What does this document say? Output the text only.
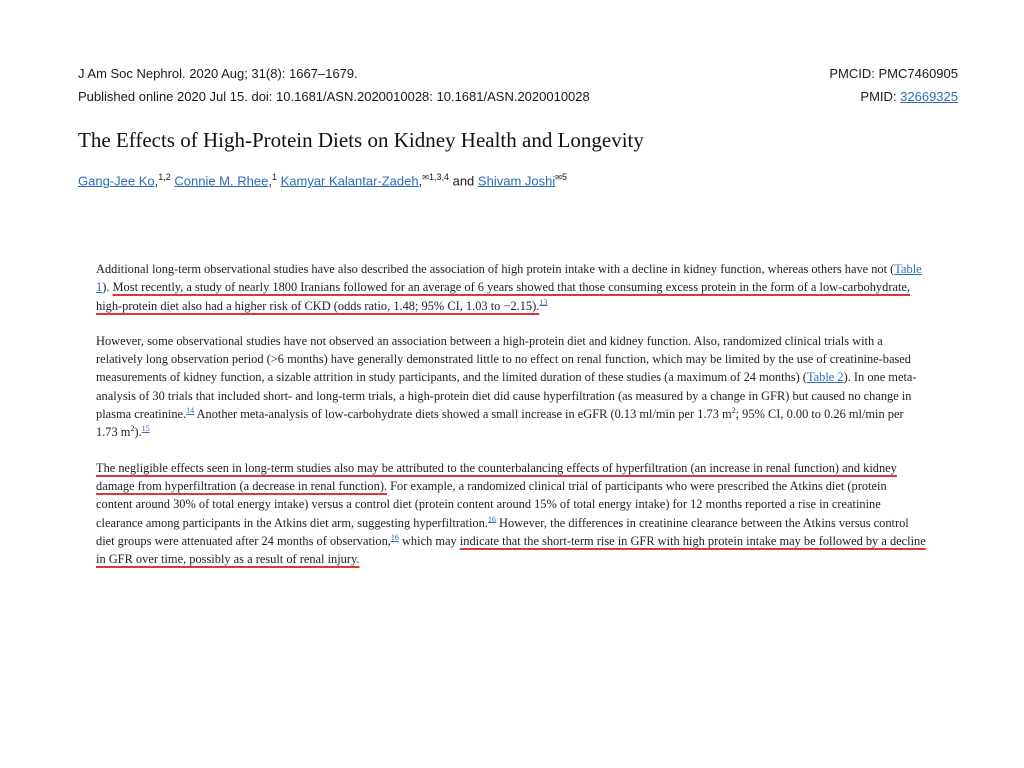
J Am Soc Nephrol. 2020 Aug; 31(8): 1667–1679.
Published online 2020 Jul 15. doi: 10.1681/ASN.2020010028: 10.1681/ASN.2020010028
PMCID: PMC7460905
PMID: 32669325
The Effects of High-Protein Diets on Kidney Health and Longevity
Gang-Jee Ko,$^{1,2}$ Connie M. Rhee,$^1$ Kamyar Kalantar-Zadeh,$^{✉1,3,4}$ and Shivam Joshi$^{✉5}$

Additional long-term observational studies have also described the association of high protein intake with a decline in kidney function, whereas others have not (Table 1). Most recently, a study of nearly 1800 Iranians followed for an average of 6 years showed that those consuming excess protein in the form of a low-carbohydrate, high-protein diet also had a higher risk of CKD (odds ratio, 1.48; 95% CI, 1.03 to −2.15).$^{13}$

However, some observational studies have not observed an association between a high-protein diet and kidney function. Also, randomized clinical trials with a relatively long observation period (>6 months) have generally demonstrated little to no effect on renal function, which may be limited by the use of creatinine-based measurements of kidney function, a sizable attrition in study participants, and the limited duration of these studies (a maximum of 24 months) (Table 2). In one meta-analysis of 30 trials that included short- and long-term trials, a high-protein diet did cause hyperfiltration (as measured by a change in GFR) but caused no change in plasma creatinine.$^{14}$ Another meta-analysis of low-carbohydrate diets showed a small increase in eGFR (0.13 ml/min per 1.73 $m^2$; 95% CI, 0.00 to 0.26 ml/min per 1.73 $m^2).^{15}$

The negligible effects seen in long-term studies also may be attributed to the counterbalancing effects of hyperfiltration (an increase in renal function) and kidney damage from hyperfiltration (a decrease in renal function). For example, a randomized clinical trial of participants who were prescribed the Atkins diet (protein content around 30% of total energy intake) versus a control diet (protein content around 15% of total energy intake) for 12 months reported a rise in creatinine clearance among participants in the Atkins diet arm, suggesting hyperfiltration.$^{16}$ However, the differences in creatinine clearance between the Atkins versus control diet groups were attenuated after 24 months of observation,$^{16}$ which may indicate that the short-term rise in GFR with high protein intake may be followed by a decline in GFR over time, possibly as a result of renal injury.
